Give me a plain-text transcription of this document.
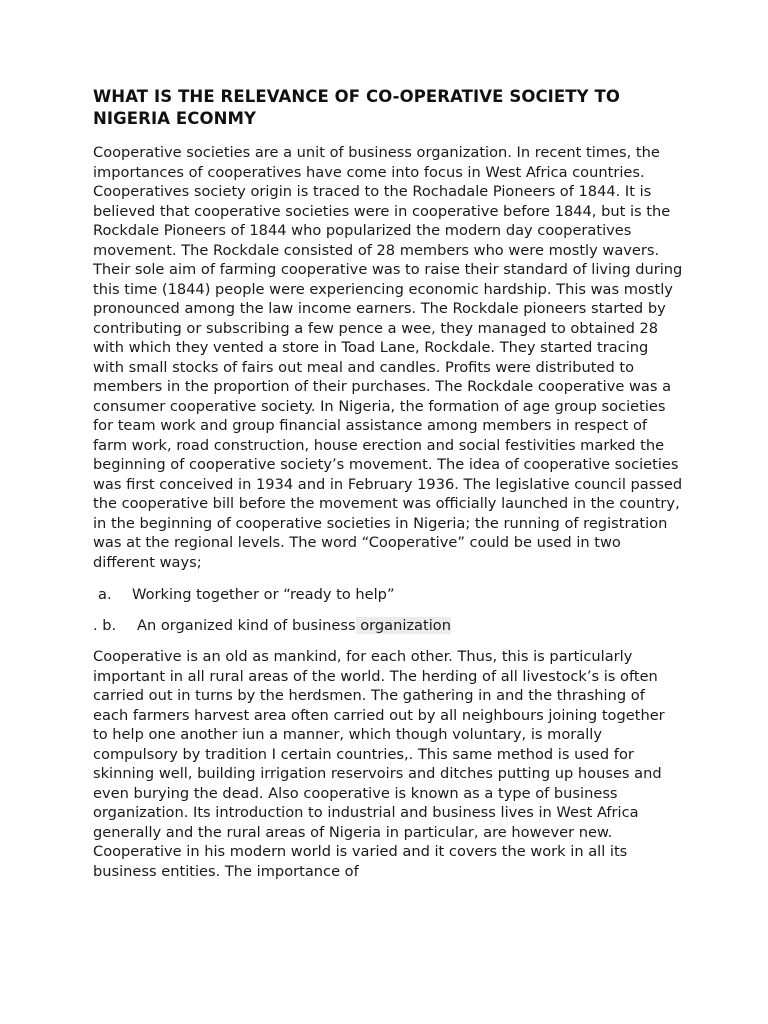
WHAT IS THE RELEVANCE OF CO-OPERATIVE SOCIETY TO NIGERIA ECONMY

Cooperative societies are a unit of business organization. In recent times, the importances of cooperatives have come into focus in West Africa countries. Cooperatives society origin is traced to the Rochadale Pioneers of 1844. It is believed that cooperative societies were in cooperative before 1844, but is the Rockdale Pioneers of 1844 who popularized the modern day cooperatives movement. The Rockdale consisted of 28 members who were mostly wavers. Their sole aim of farming cooperative was to raise their standard of living during this time (1844) people were experiencing economic hardship. This was mostly pronounced among the law income earners. The Rockdale pioneers started by contributing or subscribing a few pence a wee, they managed to obtained 28 with which they vented a store in Toad Lane, Rockdale. They started tracing with small stocks of fairs out meal and candles. Profits were distributed to members in the proportion of their purchases. The Rockdale cooperative was a consumer cooperative society. In Nigeria, the formation of age group societies for team work and group financial assistance among members in respect of farm work, road construction, house erection and social festivities marked the beginning of cooperative society’s movement. The idea of cooperative societies was first conceived in 1934 and in February 1936. The legislative council passed the cooperative bill before the movement was officially launched in the country, in the beginning of cooperative societies in Nigeria; the running of registration was at the regional levels. The word “Cooperative” could be used in two different ways;

a.	Working together or “ready to help”
. b.	An organized kind of business organization

Cooperative is an old as mankind, for each other. Thus, this is particularly important in all rural areas of the world. The herding of all livestock’s is often carried out in turns by the herdsmen. The gathering in and the thrashing of each farmers harvest area often carried out by all neighbours joining together to help one another iun a manner, which though voluntary, is morally compulsory by tradition I certain countries,. This same method is used for skinning well, building irrigation reservoirs and ditches putting up houses and even burying the dead. Also cooperative is known as a type of business organization. Its introduction to industrial and business lives in West Africa generally and the rural areas of Nigeria in particular, are however new. Cooperative in his modern world is varied and it covers the work in all its business entities. The importance of
